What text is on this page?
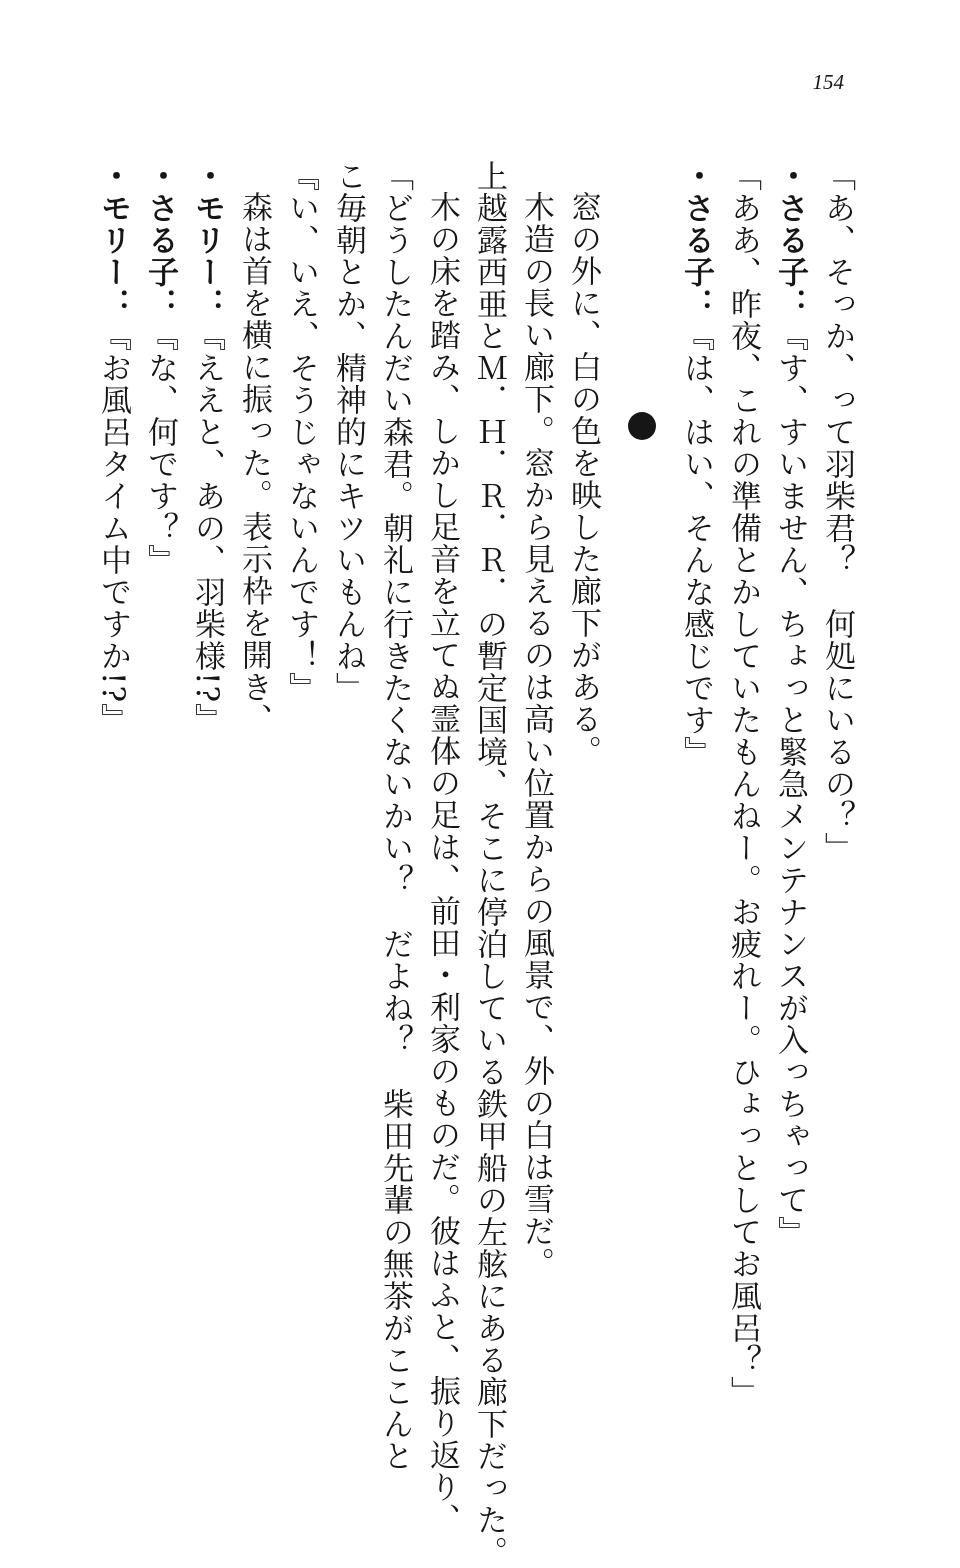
154
「あ、そっか、って羽柴君？　何処にいるの？」
・さる子：『す、すいません、ちょっと緊急メンテナンスが入っちゃって』
「ああ、昨夜、これの準備とかしていたもんねー。お疲れー。ひょっとしてお風呂？」
・さる子：『は、はい、そんな感じです』
窓の外に、白の色を映した廊下がある。
木造の長い廊下。窓から見えるのは高い位置からの風景で、外の白は雪だ。
上越露西亜とＭ．Ｈ．Ｒ．Ｒ．の暫定国境、そこに停泊している鉄甲船の左舷にある廊下だった。
木の床を踏み、しかし足音を立てぬ霊体の足は、前田・利家のものだ。彼はふと、振り返り、
「どうしたんだい森君。朝礼に行きたくないかい？　だよね？　柴田先輩の無茶がここんと
こ毎朝とか、精神的にキツいもんね」
『い、いえ、そうじゃないんです！』
森は首を横に振った。表示枠を開き、
・モリー：『ええと、あの、羽柴様!?』
・さる子：『な、何です？』
・モリー：『お風呂タイム中ですか!?』
